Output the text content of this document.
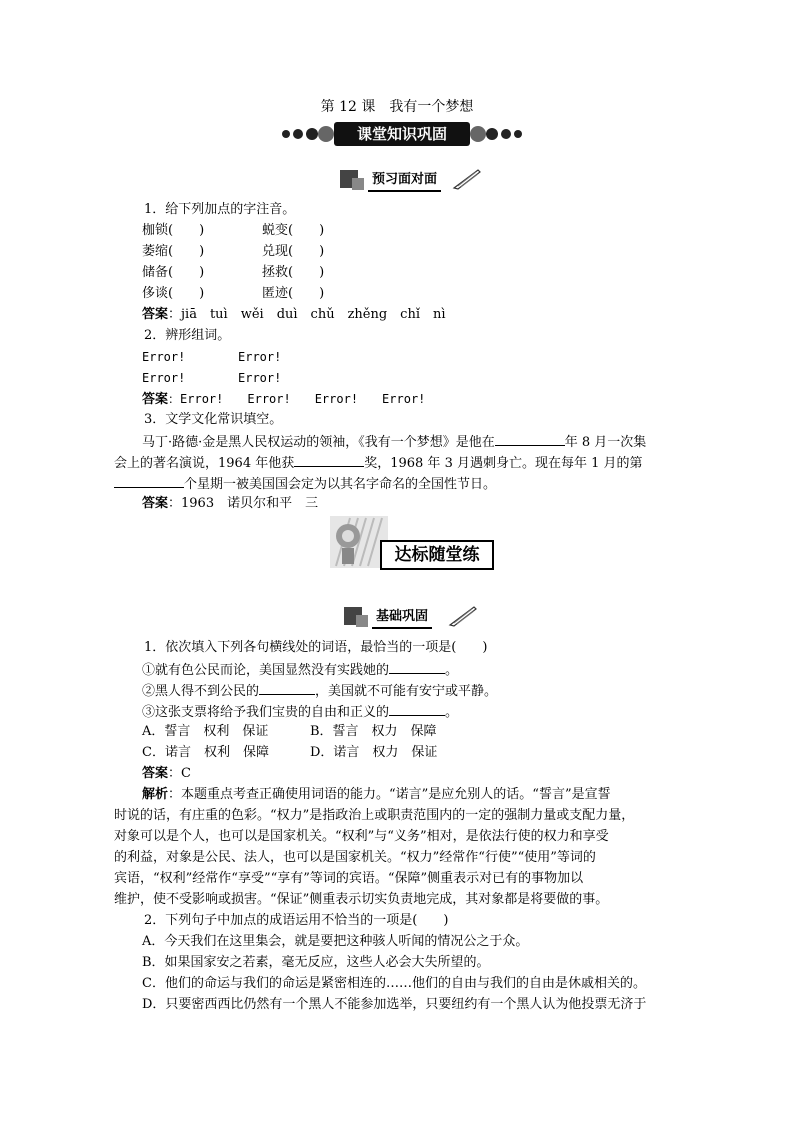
第 12 课　我有一个梦想
课堂知识巩固
预习面对面
1．给下列加点的字注音。
枷锁(　　)	蜕变(　　)
萎缩(　　)	兑现(　　)
储备(　　)	拯救(　　)
侈谈(　　)	匿迹(　　)
答案：jiā　tuì　wěi　duì　chǔ　zhěng　chǐ　nì
2．辨形组词。
Error!	Error!
Error!	Error!
答案：Error!　　Error!　　Error!　　Error!
3．文学文化常识填空。
马丁·路德·金是黑人民权运动的领袖，《我有一个梦想》是他在	年 8 月一次集
会上的著名演说，1964 年他获	奖，1968 年 3 月遇刺身亡。现在每年 1 月的第
个星期一被美国国会定为以其名字命名的全国性节日。
答案：1963　诺贝尔和平　三
达标随堂练
基础巩固
1．依次填入下列各句横线处的词语，最恰当的一项是(　　)
①就有色公民而论，美国显然没有实践她的	。
②黑人得不到公民的	，美国就不可能有安宁或平静。
③这张支票将给予我们宝贵的自由和正义的	。
A．誓言　权利　保证	B．誓言　权力　保障
C．诺言　权利　保障	D．诺言　权力　保证
答案：C
解析：本题重点考查正确使用词语的能力。“诺言”是应允别人的话。“誓言”是宣誓
时说的话，有庄重的色彩。“权力”是指政治上或职责范围内的一定的强制力量或支配力量，
对象可以是个人，也可以是国家机关。“权利”与“义务”相对，是依法行使的权力和享受
的利益，对象是公民、法人，也可以是国家机关。“权力”经常作“行使”“使用”等词的
宾语，“权利”经常作“享受”“享有”等词的宾语。“保障”侧重表示对已有的事物加以
维护，使不受影响或损害。“保证”侧重表示切实负责地完成，其对象都是将要做的事。
2．下列句子中加点的成语运用不恰当的一项是(　　)
A．今天我们在这里集会，就是要把这种骇人听闻的情况公之于众。
B．如果国家安之若素，毫无反应，这些人必会大失所望的。
C．他们的命运与我们的命运是紧密相连的……他们的自由与我们的自由是休戚相关的。
D．只要密西西比仍然有一个黑人不能参加选举，只要纽约有一个黑人认为他投票无济于
